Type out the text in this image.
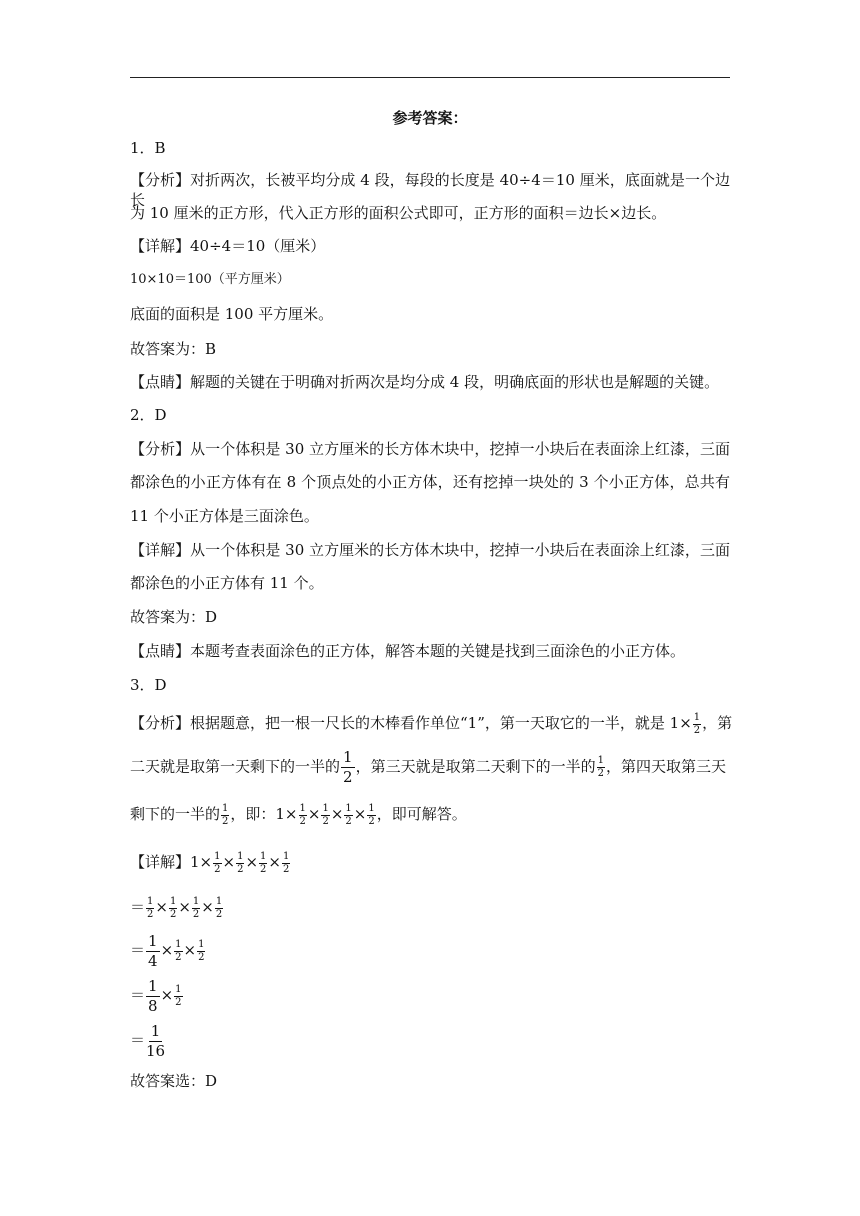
参考答案：
1．B
【分析】对折两次，长被平均分成 4 段，每段的长度是 40÷4＝10 厘米，底面就是一个边长
为 10 厘米的正方形，代入正方形的面积公式即可，正方形的面积＝边长×边长。
【详解】40÷4＝10（厘米）
10×10＝100（平方厘米）
底面的面积是 100 平方厘米。
故答案为：B
【点睛】解题的关键在于明确对折两次是均分成 4 段，明确底面的形状也是解题的关键。
2．D
【分析】从一个体积是 30 立方厘米的长方体木块中，挖掉一小块后在表面涂上红漆，三面
都涂色的小正方体有在 8 个顶点处的小正方体，还有挖掉一块处的 3 个小正方体，总共有
11 个小正方体是三面涂色。
【详解】从一个体积是 30 立方厘米的长方体木块中，挖掉一小块后在表面涂上红漆，三面
都涂色的小正方体有 11 个。
故答案为：D
【点睛】本题考查表面涂色的正方体，解答本题的关键是找到三面涂色的小正方体。
3．D
【分析】根据题意，把一根一尺长的木棒看作单位“1”，第一天取它的一半，就是 $1\times \frac{1}{2}$ ，第
二天就是取第一天剩下的一半的 $\frac{1}{2}$ ，第三天就是取第二天剩下的一半的 $\frac{1}{2}$ ，第四天取第三天
剩下的一半的 $\frac{1}{2}$ ，即：$1\times \frac{1}{2} \times \frac{1}{2} \times \frac{1}{2} \times \frac{1}{2}$ ，即可解答。
【详解】$1\times \frac{1}{2} \times \frac{1}{2} \times \frac{1}{2} \times \frac{1}{2}$
＝ $\frac{1}{2} \times \frac{1}{2} \times \frac{1}{2} \times \frac{1}{2}$
＝ $\frac{1}{4} \times \frac{1}{2} \times \frac{1}{2}$
＝ $\frac{1}{8} \times \frac{1}{2}$
＝ $\frac{1}{16}$
故答案选：D
